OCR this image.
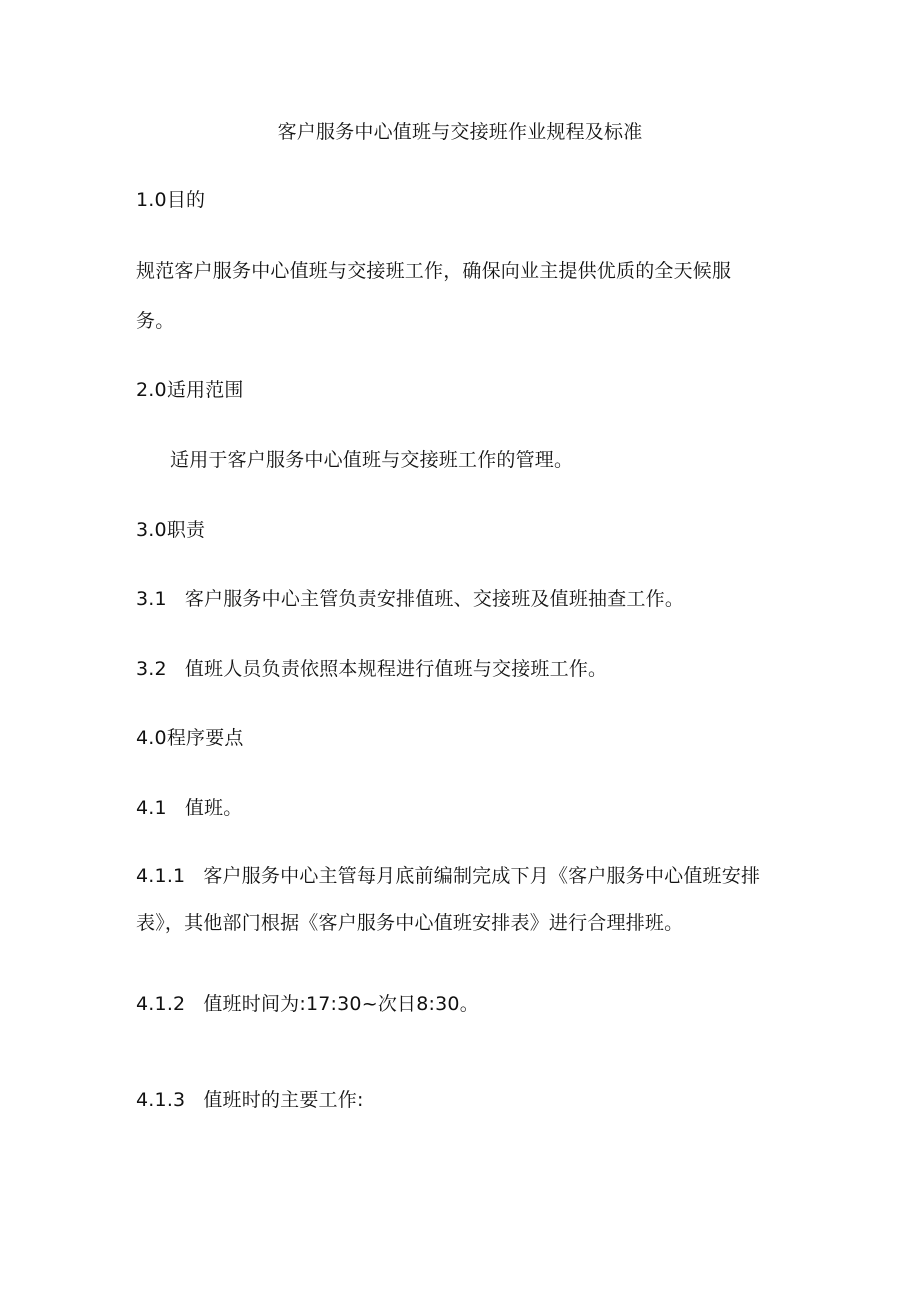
客户服务中心值班与交接班作业规程及标准
1.0目的
规范客户服务中心值班与交接班工作，确保向业主提供优质的全天候服
务。
2.0适用范围
适用于客户服务中心值班与交接班工作的管理。
3.0职责
3.1 客户服务中心主管负责安排值班、交接班及值班抽查工作。
3.2 值班人员负责依照本规程进行值班与交接班工作。
4.0程序要点
4.1 值班。
4.1.1 客户服务中心主管每月底前编制完成下月《客户服务中心值班安排
表》，其他部门根据《客户服务中心值班安排表》进行合理排班。
4.1.2 值班时间为:17:30~次日8:30。
4.1.3 值班时的主要工作:
